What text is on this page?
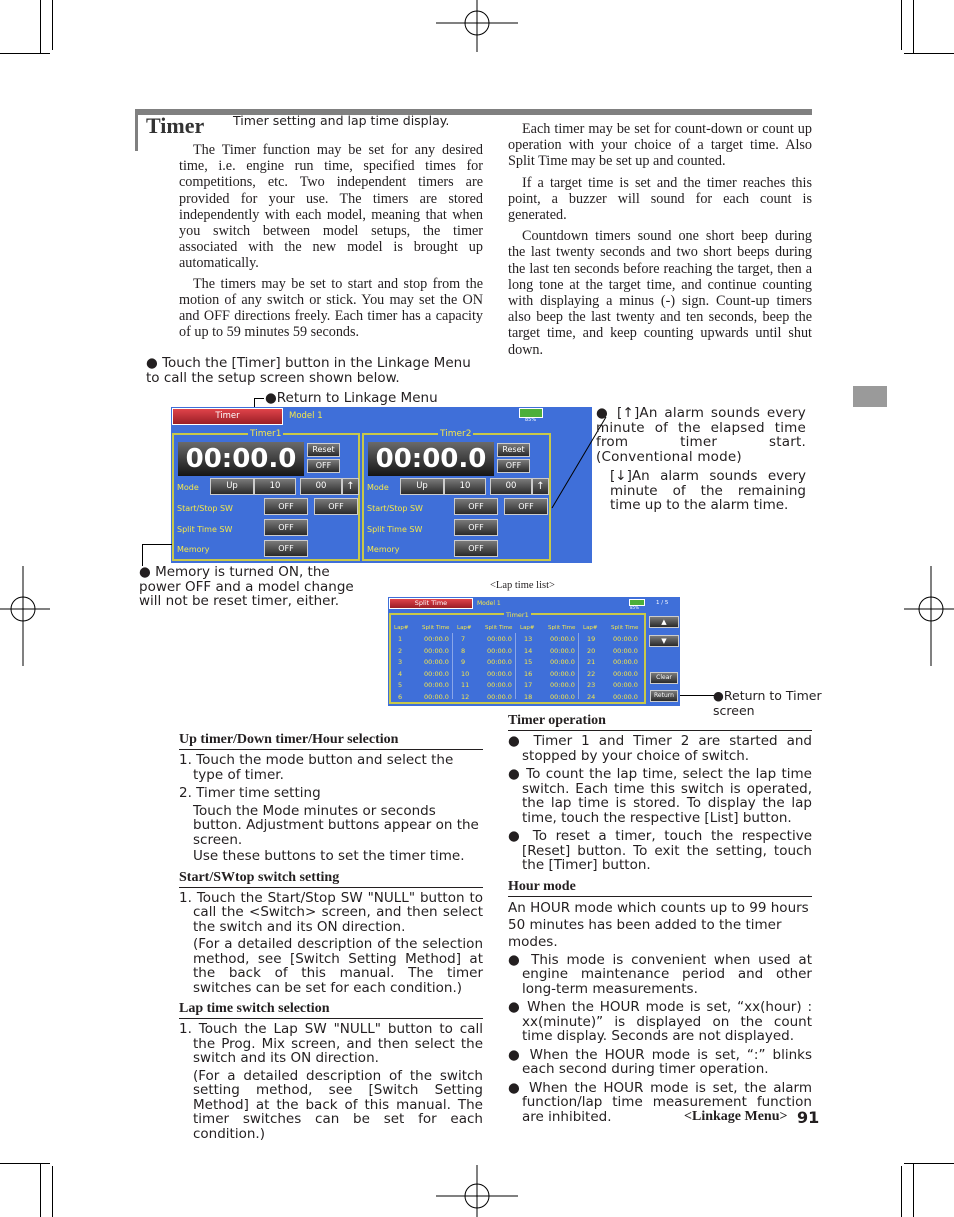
Timer Timer setting and lap time display.

The Timer function may be set for any desired time, i.e. engine run time, specified times for competitions, etc. Two independent timers are provided for your use. The timers are stored independently with each model, meaning that when you switch between model setups, the timer associated with the new model is brought up automatically.

The timers may be set to start and stop from the motion of any switch or stick. You may set the ON and OFF directions freely. Each timer has a capacity of up to 59 minutes 59 seconds.

Each timer may be set for count-down or count up operation with your choice of a target time. Also Split Time may be set up and counted.

If a target time is set and the timer reaches this point, a buzzer will sound for each count is generated.

Countdown timers sound one short beep during the last twenty seconds and two short beeps during the last ten seconds before reaching the target, then a long tone at the target time, and continue counting with displaying a minus (-) sign. Count-up timers also beep the last twenty and ten seconds, beep the target time, and keep counting upwards until shut down.

● Touch the [Timer] button in the Linkage Menu to call the setup screen shown below.
●Return to Linkage Menu
Timer	Model 1	85%
Timer1
00:00.0	Reset
OFF
Mode	Up	10	00	↑
Start/Stop SW	OFF	OFF
Split Time SW	OFF
Memory	OFF
Timer2
00:00.0	Reset
OFF
Mode	Up	10	00	↑
Start/Stop SW	OFF	OFF
Split Time SW	OFF
Memory	OFF
● [↑]An alarm sounds every minute of the elapsed time from timer start. (Conventional mode)
[↓]An alarm sounds every minute of the remaining time up to the alarm time.
● Memory is turned ON, the power OFF and a model change will not be reset timer, either.
<Lap time list>
Split Time	Model 1
85%
1 / 5
Timer1
Lap# Split Time
1	00:00.0
2	00:00.0
3	00:00.0
4	00:00.0
5	00:00.0
6	00:00.0
Lap# Split Time
7	00:00.0
8	00:00.0
9	00:00.0
10	00:00.0
11	00:00.0
12	00:00.0
Lap# Split Time
13	00:00.0
14	00:00.0
15	00:00.0
16	00:00.0
17	00:00.0
18	00:00.0
Lap# Split Time
19	00:00.0
20	00:00.0
21	00:00.0
22	00:00.0
23	00:00.0
24	00:00.0
▲
▼
Clear
Return	●Return to Timer screen
Up timer/Down timer/Hour selection

1. Touch the mode button and select the type of timer.

2. Timer time setting

Touch the Mode minutes or seconds button. Adjustment buttons appear on the screen.

Use these buttons to set the timer time.

Start/SWtop switch setting

1. Touch the Start/Stop SW "NULL" button to call the <Switch> screen, and then select the switch and its ON direction.

(For a detailed description of the selection method, see [Switch Setting Method] at the back of this manual. The timer switches can be set for each condition.)

Lap time switch selection

1. Touch the Lap SW "NULL" button to call the Prog. Mix screen, and then select the switch and its ON direction.

(For a detailed description of the switch setting method, see [Switch Setting Method] at the back of this manual. The timer switches can be set for each condition.)

Timer operation

● Timer 1 and Timer 2 are started and stopped by your choice of switch.

● To count the lap time, select the lap time switch. Each time this switch is operated, the lap time is stored. To display the lap time, touch the respective [List] button.

● To reset a timer, touch the respective [Reset] button. To exit the setting, touch the [Timer] button.

Hour mode

An HOUR mode which counts up to 99 hours 50 minutes has been added to the timer modes.

● This mode is convenient when used at engine maintenance period and other long-term measurements.

● When the HOUR mode is set, “xx(hour) : xx(minute)” is displayed on the count time display. Seconds are not displayed.

● When the HOUR mode is set, “:” blinks each second during timer operation.

● When the HOUR mode is set, the alarm function/lap time measurement function are inhibited.	<Linkage Menu> 91
